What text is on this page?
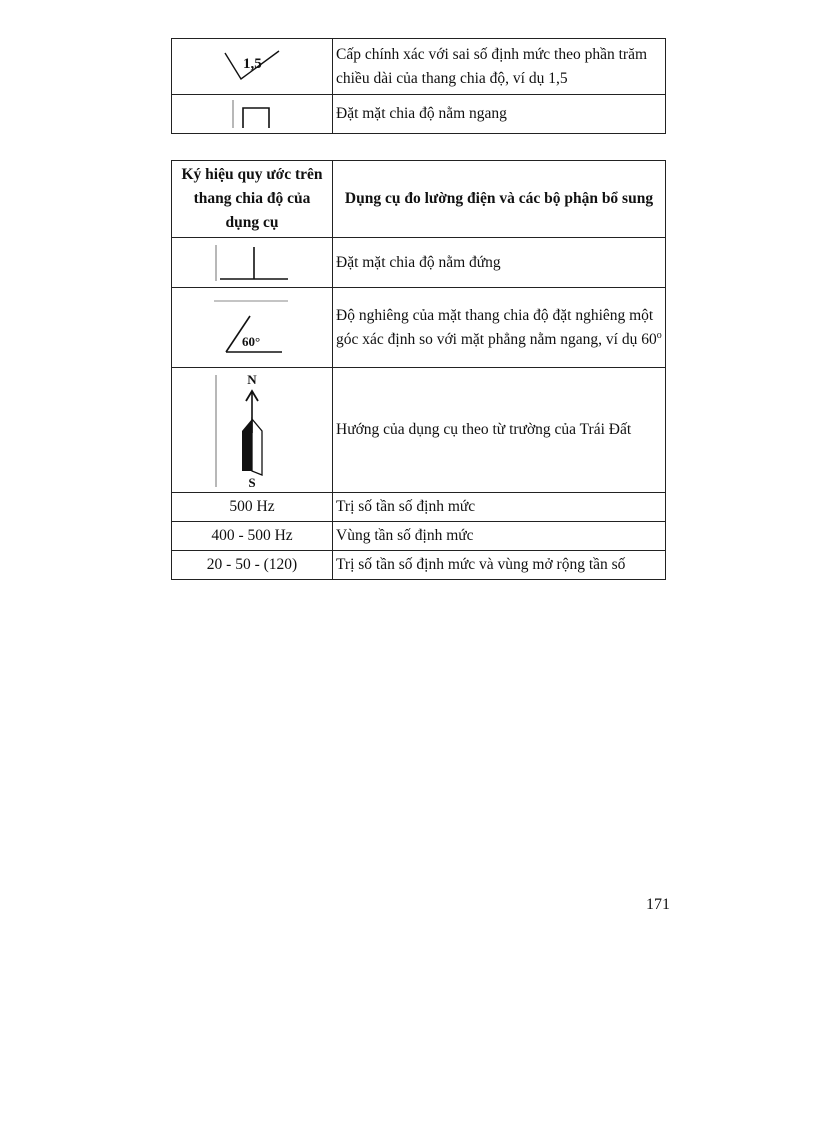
1,5	Cấp chính xác với sai số định mức theo phần trăm chiều dài của thang chia độ, ví dụ 1,5

	Đặt mặt chia độ nằm ngang
Ký hiệu quy ước trên thang chia độ của dụng cụ	Dụng cụ đo lường điện và các bộ phận bổ sung

	Đặt mặt chia độ nằm đứng

60°	Độ nghiêng của mặt thang chia độ đặt nghiêng một góc xác định so với mặt phẳng nằm ngang, ví dụ 60$^o$

N
S	Hướng của dụng cụ theo từ trường của Trái Đất
500 Hz	Trị số tần số định mức
400 - 500 Hz	Vùng tần số định mức
20 - 50 - (120)	Trị số tần số định mức và vùng mở rộng tần số
171
